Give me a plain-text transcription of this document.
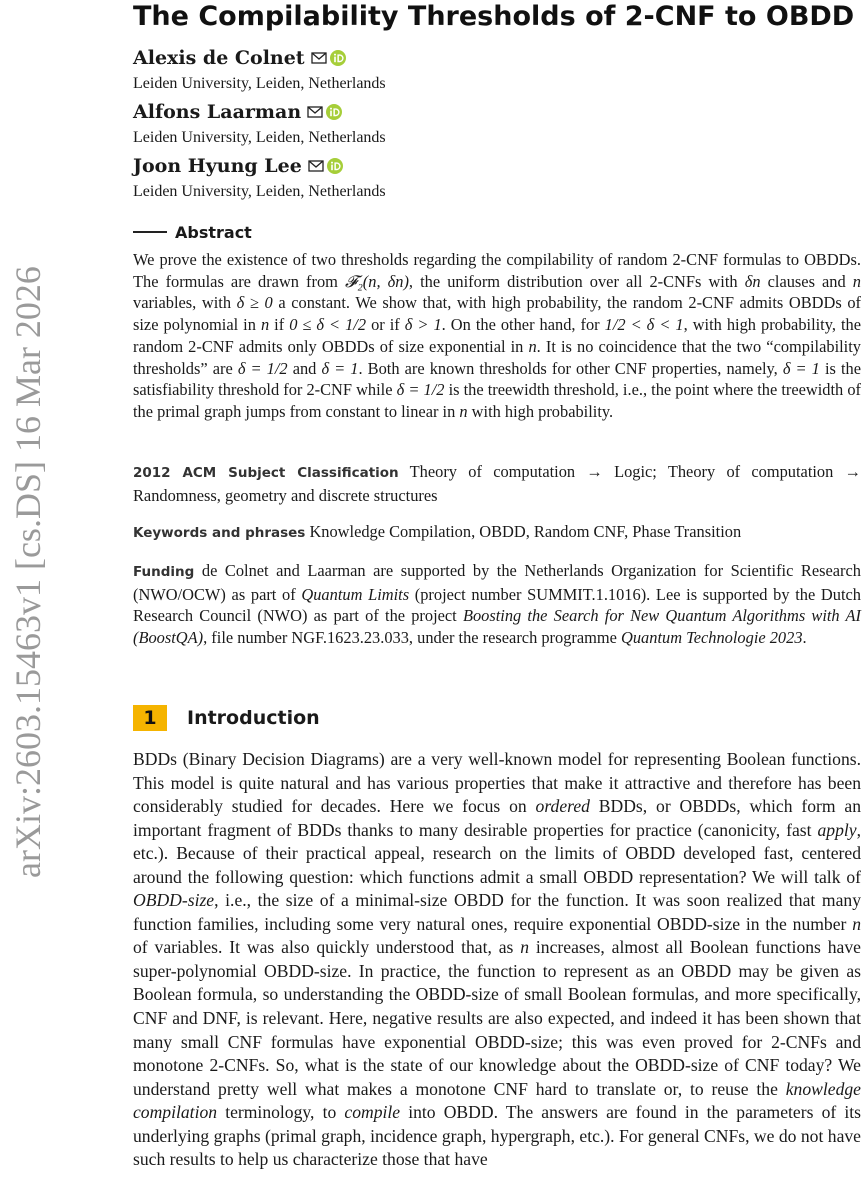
arXiv:2603.15463v1 [cs.DS] 16 Mar 2026
The Compilability Thresholds of 2-CNF to OBDD
Alexis de Colnet
Leiden University, Leiden, Netherlands
Alfons Laarman
Leiden University, Leiden, Netherlands
Joon Hyung Lee
Leiden University, Leiden, Netherlands
Abstract

We prove the existence of two thresholds regarding the compilability of random 2-CNF formulas to OBDDs. The formulas are drawn from 𝓕₂(n, δn), the uniform distribution over all 2-CNFs with δn clauses and n variables, with δ ≥ 0 a constant. We show that, with high probability, the random 2-CNF admits OBDDs of size polynomial in n if 0 ≤ δ < 1/2 or if δ > 1. On the other hand, for 1/2 < δ < 1, with high probability, the random 2-CNF admits only OBDDs of size exponential in n. It is no coincidence that the two “compilability thresholds” are δ = 1/2 and δ = 1. Both are known thresholds for other CNF properties, namely, δ = 1 is the satisfiability threshold for 2-CNF while δ = 1/2 is the treewidth threshold, i.e., the point where the treewidth of the primal graph jumps from constant to linear in n with high probability.

2012 ACM Subject Classification Theory of computation → Logic; Theory of computation → Randomness, geometry and discrete structures

Keywords and phrases Knowledge Compilation, OBDD, Random CNF, Phase Transition

Funding de Colnet and Laarman are supported by the Netherlands Organization for Scientific Research (NWO/OCW) as part of Quantum Limits (project number SUMMIT.1.1016). Lee is supported by the Dutch Research Council (NWO) as part of the project Boosting the Search for New Quantum Algorithms with AI (BoostQA), file number NGF.1623.23.033, under the research programme Quantum Technologie 2023.

1	Introduction

BDDs (Binary Decision Diagrams) are a very well-known model for representing Boolean functions. This model is quite natural and has various properties that make it attractive and therefore has been considerably studied for decades. Here we focus on ordered BDDs, or OBDDs, which form an important fragment of BDDs thanks to many desirable properties for practice (canonicity, fast apply, etc.). Because of their practical appeal, research on the limits of OBDD developed fast, centered around the following question: which functions admit a small OBDD representation? We will talk of OBDD-size, i.e., the size of a minimal-size OBDD for the function. It was soon realized that many function families, including some very natural ones, require exponential OBDD-size in the number n of variables. It was also quickly understood that, as n increases, almost all Boolean functions have super-polynomial OBDD-size. In practice, the function to represent as an OBDD may be given as Boolean formula, so understanding the OBDD-size of small Boolean formulas, and more specifically, CNF and DNF, is relevant. Here, negative results are also expected, and indeed it has been shown that many small CNF formulas have exponential OBDD-size; this was even proved for 2-CNFs and monotone 2-CNFs. So, what is the state of our knowledge about the OBDD-size of CNF today? We understand pretty well what makes a monotone CNF hard to translate or, to reuse the knowledge compilation terminology, to compile into OBDD. The answers are found in the parameters of its underlying graphs (primal graph, incidence graph, hypergraph, etc.). For general CNFs, we do not have such results to help us characterize those that have
